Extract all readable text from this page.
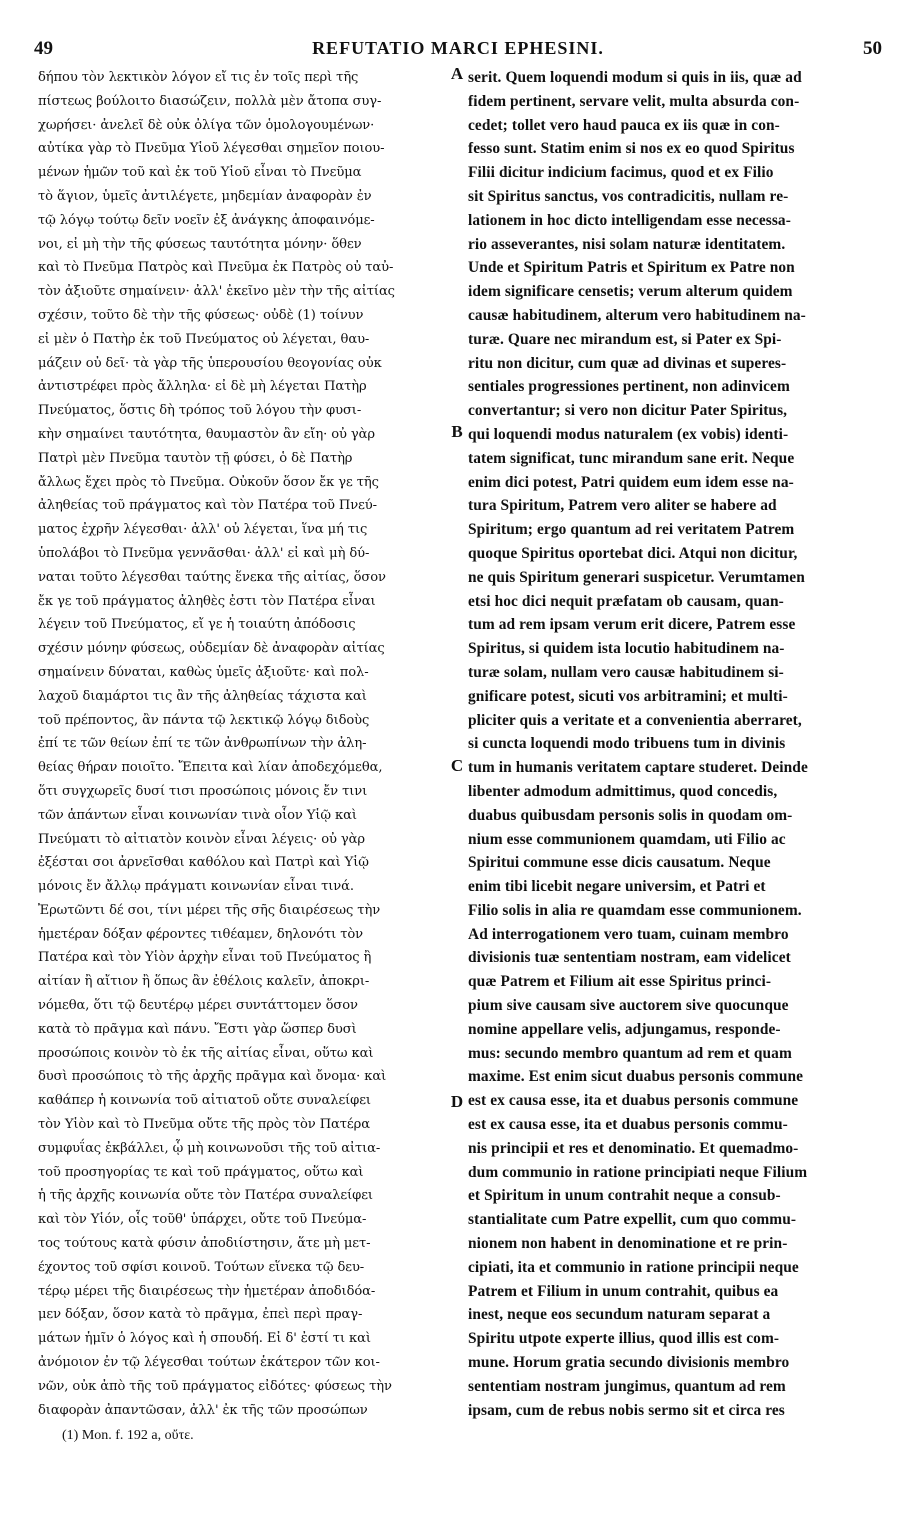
49	REFUTATIO MARCI EPHESINI.	50
δήπου τὸν λεκτικὸν λόγον εἴ τις ἐν τοῖς περὶ τῆς
πίστεως βούλοιτο διασώζειν, πολλὰ μὲν ἄτοπα συγ-
χωρήσει· ἀνελεῖ δὲ οὐκ ὀλίγα τῶν ὁμολογουμένων·
αὐτίκα γὰρ τὸ Πνεῦμα Υἱοῦ λέγεσθαι σημεῖον ποιου-
μένων ἡμῶν τοῦ καὶ ἐκ τοῦ Υἱοῦ εἶναι τὸ Πνεῦμα
τὸ ἅγιον, ὑμεῖς ἀντιλέγετε, μηδεμίαν ἀναφορὰν ἐν
τῷ λόγῳ τούτῳ δεῖν νοεῖν ἐξ ἀνάγκης ἀποφαινόμε-
νοι, εἰ μὴ τὴν τῆς φύσεως ταυτότητα μόνην· ὅθεν
καὶ τὸ Πνεῦμα Πατρὸς καὶ Πνεῦμα ἐκ Πατρὸς οὐ ταὐ-
τὸν ἀξιοῦτε σημαίνειν· ἀλλ' ἐκεῖνο μὲν τὴν τῆς αἰτίας
σχέσιν, τοῦτο δὲ τὴν τῆς φύσεως· οὐδὲ (1) τοίνυν
εἰ μὲν ὁ Πατὴρ ἐκ τοῦ Πνεύματος οὐ λέγεται, θαυ-
μάζειν οὐ δεῖ· τὰ γὰρ τῆς ὑπερουσίου θεογονίας οὐκ
ἀντιστρέφει πρὸς ἄλληλα· εἰ δὲ μὴ λέγεται Πατὴρ
Πνεύματος, ὅστις δὴ τρόπος τοῦ λόγου τὴν φυσι-
κὴν σημαίνει ταυτότητα, θαυμαστὸν ἂν εἴη· οὐ γὰρ
Πατρὶ μὲν Πνεῦμα ταυτὸν τῇ φύσει, ὁ δὲ Πατὴρ
ἄλλως ἔχει πρὸς τὸ Πνεῦμα. Οὐκοῦν ὅσον ἔκ γε τῆς
ἀληθείας τοῦ πράγματος καὶ τὸν Πατέρα τοῦ Πνεύ-
ματος ἐχρῆν λέγεσθαι· ἀλλ' οὐ λέγεται, ἵνα μή τις
ὑπολάβοι τὸ Πνεῦμα γεννᾶσθαι· ἀλλ' εἰ καὶ μὴ δύ-
ναται τοῦτο λέγεσθαι ταύτης ἕνεκα τῆς αἰτίας, ὅσον
ἔκ γε τοῦ πράγματος ἀληθὲς ἐστι τὸν Πατέρα εἶναι
λέγειν τοῦ Πνεύματος, εἴ γε ἡ τοιαύτη ἀπόδοσις
σχέσιν μόνην φύσεως, οὐδεμίαν δὲ ἀναφορὰν αἰτίας
σημαίνειν δύναται, καθὼς ὑμεῖς ἀξιοῦτε· καὶ πολ-
λαχοῦ διαμάρτοι τις ἂν τῆς ἀληθείας τάχιστα καὶ
τοῦ πρέποντος, ἂν πάντα τῷ λεκτικῷ λόγῳ διδοὺς
ἐπί τε τῶν θείων ἐπί τε τῶν ἀνθρωπίνων τὴν ἀλη-
θείας θήραν ποιοῖτο. Ἔπειτα καὶ λίαν ἀποδεχόμεθα,
ὅτι συγχωρεῖς δυσί τισι προσώποις μόνοις ἔν τινι
τῶν ἁπάντων εἶναι κοινωνίαν τινὰ οἷον Υἱῷ καὶ
Πνεύματι τὸ αἰτιατὸν κοινὸν εἶναι λέγεις· οὐ γὰρ
ἐξέσται σοι ἀρνεῖσθαι καθόλου καὶ Πατρὶ καὶ Υἱῷ
μόνοις ἔν ἄλλῳ πράγματι κοινωνίαν εἶναι τινά.
Ἐρωτῶντι δέ σοι, τίνι μέρει τῆς σῆς διαιρέσεως τὴν
ἡμετέραν δόξαν φέροντες τιθέαμεν, δηλονότι τὸν
Πατέρα καὶ τὸν Υἱὸν ἀρχὴν εἶναι τοῦ Πνεύματος ἢ
αἰτίαν ἢ αἴτιον ἢ ὅπως ἂν ἐθέλοις καλεῖν, ἀποκρι-
νόμεθα, ὅτι τῷ δευτέρῳ μέρει συντάττομεν ὅσον
κατὰ τὸ πρᾶγμα καὶ πάνυ. Ἔστι γὰρ ὥσπερ δυσὶ
προσώποις κοινὸν τὸ ἐκ τῆς αἰτίας εἶναι, οὕτω καὶ
δυσὶ προσώποις τὸ τῆς ἀρχῆς πρᾶγμα καὶ ὄνομα· καὶ
καθάπερ ἡ κοινωνία τοῦ αἰτιατοῦ οὔτε συναλείφει
τὸν Υἱὸν καὶ τὸ Πνεῦμα οὔτε τῆς πρὸς τὸν Πατέρα
συμφυΐας ἐκβάλλει, ᾧ μὴ κοινωνοῦσι τῆς τοῦ αἰτια-
τοῦ προσηγορίας τε καὶ τοῦ πράγματος, οὕτω καὶ
ἡ τῆς ἀρχῆς κοινωνία οὔτε τὸν Πατέρα συναλείφει
καὶ τὸν Υἱόν, οἷς τοῦθ' ὑπάρχει, οὔτε τοῦ Πνεύμα-
τος τούτους κατὰ φύσιν ἀποδιίστησιν, ἅτε μὴ μετ-
έχοντος τοῦ σφίσι κοινοῦ. Τούτων εἵνεκα τῷ δευ-
τέρῳ μέρει τῆς διαιρέσεως τὴν ἡμετέραν ἀποδιδόα-
μεν δόξαν, ὅσον κατὰ τὸ πρᾶγμα, ἐπεὶ περὶ πραγ-
μάτων ἡμῖν ὁ λόγος καὶ ἡ σπουδή. Εἰ δ' ἐστί τι καὶ
ἀνόμοιον ἐν τῷ λέγεσθαι τούτων ἑκάτερον τῶν κοι-
νῶν, οὐκ ἀπὸ τῆς τοῦ πράγματος εἰδότες· φύσεως τὴν
διαφορὰν ἀπαντῶσαν, ἀλλ' ἐκ τῆς τῶν προσώπων
serit. Quem loquendi modum si quis in iis, quæ ad
fidem pertinent, servare velit, multa absurda con-
cedet; tollet vero haud pauca ex iis quæ in con-
fesso sunt. Statim enim si nos ex eo quod Spiritus
Filii dicitur indicium facimus, quod et ex Filio
sit Spiritus sanctus, vos contradicitis, nullam re-
lationem in hoc dicto intelligendam esse necessa-
rio asseverantes, nisi solam naturæ identitatem.
Unde et Spiritum Patris et Spiritum ex Patre non
idem significare censetis; verum alterum quidem
causæ habitudinem, alterum vero habitudinem na-
turæ. Quare nec mirandum est, si Pater ex Spi-
ritu non dicitur, cum quæ ad divinas et superes-
sentiales progressiones pertinent, non adinvicem
convertantur; si vero non dicitur Pater Spiritus,
qui loquendi modus naturalem (ex vobis) identi-
tatem significat, tunc mirandum sane erit. Neque
enim dici potest, Patri quidem eum idem esse na-
tura Spiritum, Patrem vero aliter se habere ad
Spiritum; ergo quantum ad rei veritatem Patrem
quoque Spiritus oportebat dici. Atqui non dicitur,
ne quis Spiritum generari suspicetur. Verumtamen
etsi hoc dici nequit præfatam ob causam, quan-
tum ad rem ipsam verum erit dicere, Patrem esse
Spiritus, si quidem ista locutio habitudinem na-
turæ solam, nullam vero causæ habitudinem si-
gnificare potest, sicuti vos arbitramini; et multi-
pliciter quis a veritate et a convenientia aberraret,
si cuncta loquendi modo tribuens tum in divinis
tum in humanis veritatem captare studeret. Deinde
libenter admodum admittimus, quod concedis,
duabus quibusdam personis solis in quodam om-
nium esse communionem quamdam, uti Filio ac
Spiritui commune esse dicis causatum. Neque
enim tibi licebit negare universim, et Patri et
Filio solis in alia re quamdam esse communionem.
Ad interrogationem vero tuam, cuinam membro
divisionis tuæ sententiam nostram, eam videlicet
quæ Patrem et Filium ait esse Spiritus princi-
pium sive causam sive auctorem sive quocunque
nomine appellare velis, adjungamus, responde-
mus: secundo membro quantum ad rem et quam
maxime. Est enim sicut duabus personis commune
est ex causa esse, ita et duabus personis commune
est ex causa esse, ita et duabus personis commu-
nis principii et res et denominatio. Et quemadmo-
dum communio in ratione principiati neque Filium
et Spiritum in unum contrahit neque a consub-
stantialitate cum Patre expellit, cum quo commu-
nionem non habent in denominatione et re prin-
cipiati, ita et communio in ratione principii neque
Patrem et Filium in unum contrahit, quibus ea
inest, neque eos secundum naturam separat a
Spiritu utpote experte illius, quod illis est com-
mune. Horum gratia secundo divisionis membro
sententiam nostram jungimus, quantum ad rem
ipsam, cum de rebus nobis sermo sit et circa res
A
B
C
D
(1) Mon. f. 192 a, οὔτε.
